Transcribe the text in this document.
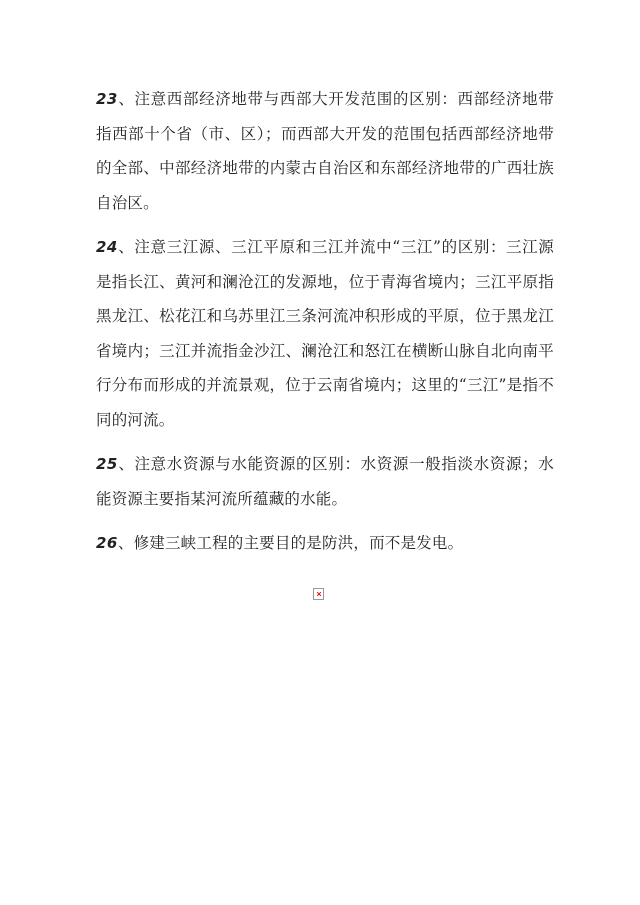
23、注意西部经济地带与西部大开发范围的区别：西部经济地带指西部十个省（市、区）；而西部大开发的范围包括西部经济地带的全部、中部经济地带的内蒙古自治区和东部经济地带的广西壮族自治区。

24、注意三江源、三江平原和三江并流中“三江”的区别：三江源是指长江、黄河和澜沧江的发源地，位于青海省境内；三江平原指黑龙江、松花江和乌苏里江三条河流冲积形成的平原，位于黑龙江省境内；三江并流指金沙江、澜沧江和怒江在横断山脉自北向南平行分布而形成的并流景观，位于云南省境内；这里的“三江”是指不同的河流。

25、注意水资源与水能资源的区别：水资源一般指淡水资源；水能资源主要指某河流所蕴藏的水能。

26、修建三峡工程的主要目的是防洪，而不是发电。
